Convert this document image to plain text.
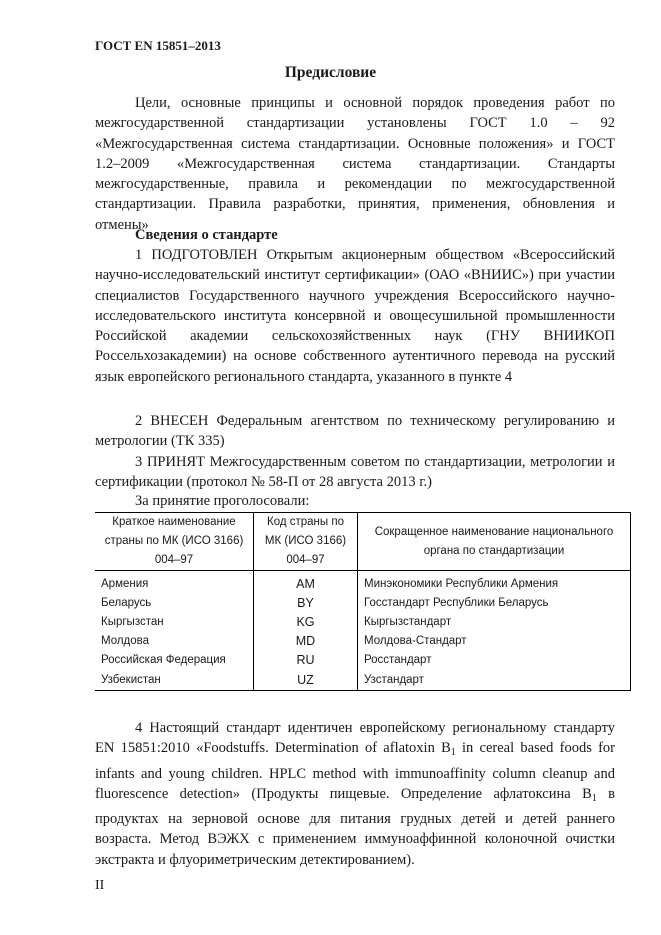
ГОСТ EN 15851–2013
Предисловие
Цели, основные принципы и основной порядок проведения работ по межгосударственной стандартизации установлены ГОСТ 1.0 – 92 «Межгосударственная система стандартизации. Основные положения» и ГОСТ 1.2–2009 «Межгосударственная система стандартизации. Стандарты межгосударственные, правила и рекомендации по межгосударственной стандартизации. Правила разработки, принятия, применения, обновления и отмены»
Сведения о стандарте
1 ПОДГОТОВЛЕН Открытым акционерным обществом «Всероссийский научно-исследовательский институт сертификации» (ОАО «ВНИИС») при участии специалистов Государственного научного учреждения Всероссийского научно-исследовательского института консервной и овощесушильной промышленности Российской академии сельскохозяйственных наук (ГНУ ВНИИКОП Россельхозакадемии) на основе собственного аутентичного перевода на русский язык европейского регионального стандарта, указанного в пункте 4
2 ВНЕСЕН Федеральным агентством по техническому регулированию и метрологии (ТК 335)
3 ПРИНЯТ Межгосударственным советом по стандартизации, метрологии и сертификации (протокол № 58-П от 28 августа 2013 г.)
За принятие проголосовали:
Краткое наименование страны по МК (ИСО 3166) 004–97	Код страны по МК (ИСО 3166) 004–97	Сокращенное наименование национального органа по стандартизации
Армения	AM	Минэкономики Республики Армения
Беларусь	BY	Госстандарт Республики Беларусь
Кыргызстан	KG	Кыргызстандарт
Молдова	MD	Молдова-Стандарт
Российская Федерация	RU	Росстандарт
Узбекистан	UZ	Узстандарт
4 Настоящий стандарт идентичен европейскому региональному стандарту EN 15851:2010 «Foodstuffs. Determination of aflatoxin $B_1$ in cereal based foods for infants and young children. HPLC method with immunoaffinity column cleanup and fluorescence detection» (Продукты пищевые. Определение афлатоксина $B_1$ в продуктах на зерновой основе для питания грудных детей и детей раннего возраста. Метод ВЭЖХ с применением иммуноаффинной колоночной очистки экстракта и флуориметрическим детектированием).
II
